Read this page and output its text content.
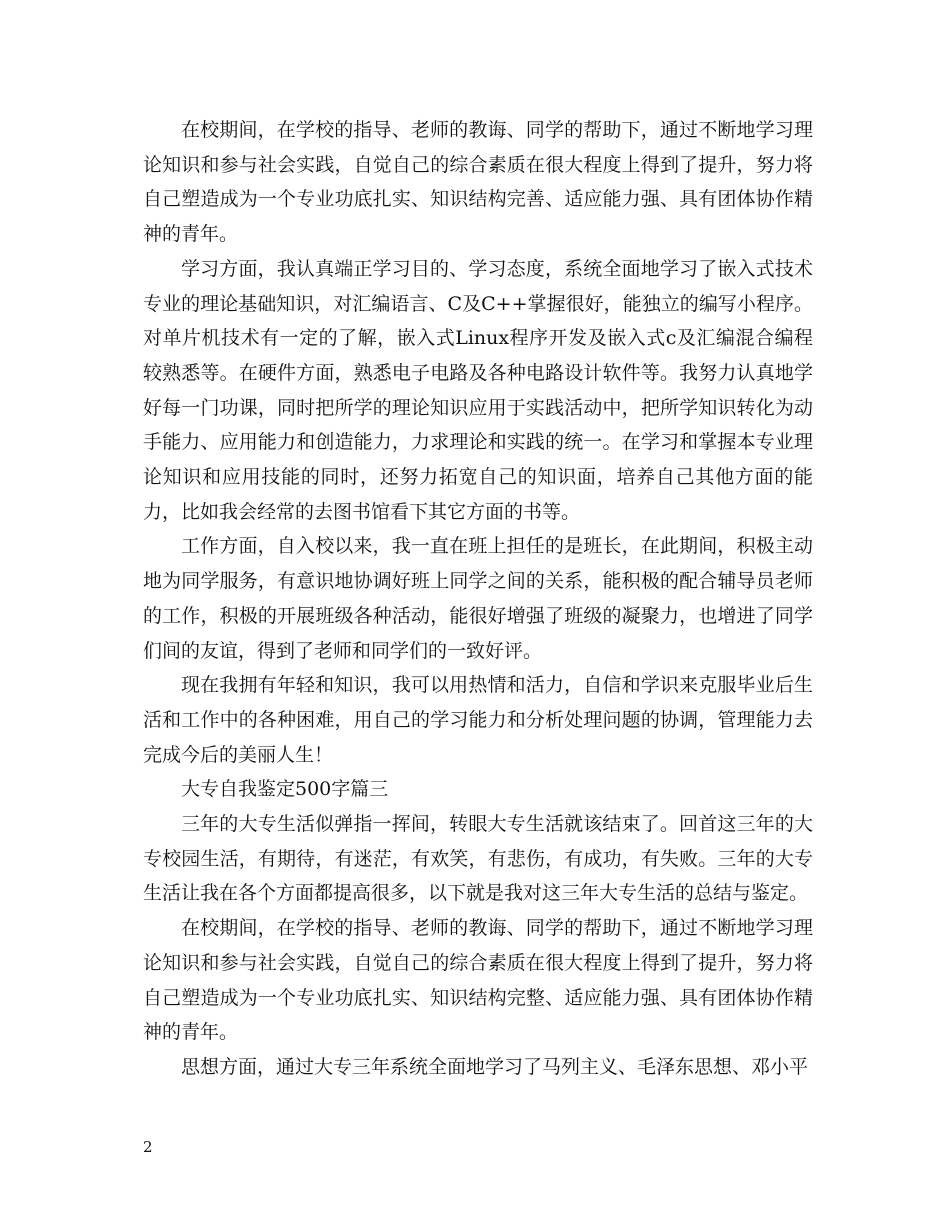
在校期间，在学校的指导、老师的教诲、同学的帮助下，通过不断地学习理论知识和参与社会实践，自觉自己的综合素质在很大程度上得到了提升，努力将自己塑造成为一个专业功底扎实、知识结构完善、适应能力强、具有团体协作精神的青年。

学习方面，我认真端正学习目的、学习态度，系统全面地学习了嵌入式技术专业的理论基础知识，对汇编语言、C及C++掌握很好，能独立的编写小程序。对单片机技术有一定的了解，嵌入式Linux程序开发及嵌入式c及汇编混合编程较熟悉等。在硬件方面，熟悉电子电路及各种电路设计软件等。我努力认真地学好每一门功课，同时把所学的理论知识应用于实践活动中，把所学知识转化为动手能力、应用能力和创造能力，力求理论和实践的统一。在学习和掌握本专业理论知识和应用技能的同时，还努力拓宽自己的知识面，培养自己其他方面的能力，比如我会经常的去图书馆看下其它方面的书等。

工作方面，自入校以来，我一直在班上担任的是班长，在此期间，积极主动地为同学服务，有意识地协调好班上同学之间的关系，能积极的配合辅导员老师的工作，积极的开展班级各种活动，能很好增强了班级的凝聚力，也增进了同学们间的友谊，得到了老师和同学们的一致好评。

现在我拥有年轻和知识，我可以用热情和活力，自信和学识来克服毕业后生活和工作中的各种困难，用自己的学习能力和分析处理问题的协调，管理能力去完成今后的美丽人生！

大专自我鉴定500字篇三

三年的大专生活似弹指一挥间，转眼大专生活就该结束了。回首这三年的大专校园生活，有期待，有迷茫，有欢笑，有悲伤，有成功，有失败。三年的大专生活让我在各个方面都提高很多，以下就是我对这三年大专生活的总结与鉴定。

在校期间，在学校的指导、老师的教诲、同学的帮助下，通过不断地学习理论知识和参与社会实践，自觉自己的综合素质在很大程度上得到了提升，努力将自己塑造成为一个专业功底扎实、知识结构完整、适应能力强、具有团体协作精神的青年。

思想方面，通过大专三年系统全面地学习了马列主义、毛泽东思想、邓小平

2
